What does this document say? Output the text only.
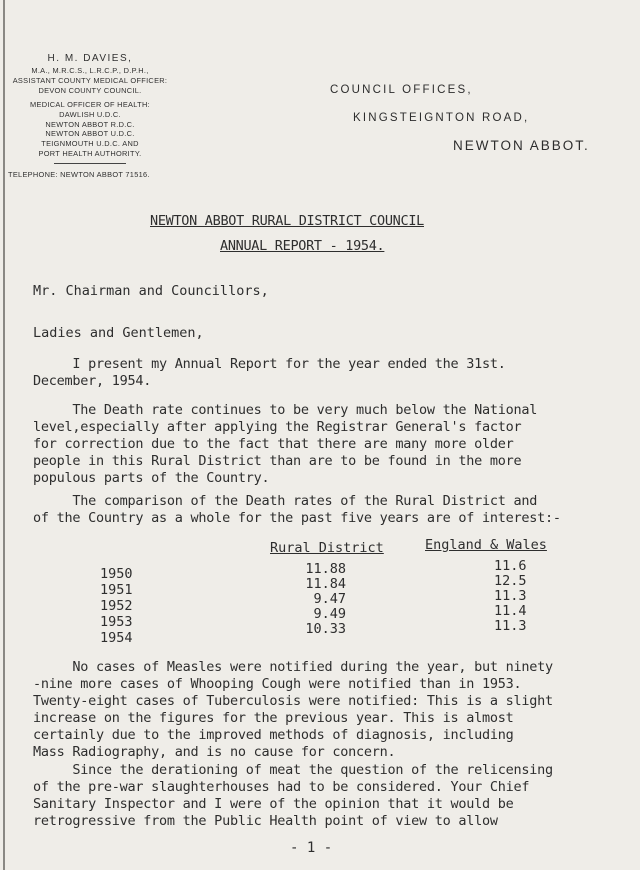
H. M. DAVIES,
M.A., M.R.C.S., L.R.C.P., D.P.H.,
ASSISTANT COUNTY MEDICAL OFFICER:
DEVON COUNTY COUNCIL.
MEDICAL OFFICER OF HEALTH:
DAWLISH U.D.C.
NEWTON ABBOT R.D.C.
NEWTON ABBOT U.D.C.
TEIGNMOUTH U.D.C. AND
PORT HEALTH AUTHORITY.
TELEPHONE: NEWTON ABBOT 71516.
COUNCIL OFFICES,
KINGSTEIGNTON ROAD,
NEWTON ABBOT.
NEWTON ABBOT RURAL DISTRICT COUNCIL
ANNUAL REPORT - 1954.
Mr. Chairman and Councillors,
Ladies and Gentlemen,
I present my Annual Report for the year ended the 31st.
December, 1954.
The Death rate continues to be very much below the National
level,especially after applying the Registrar General's factor
for correction due to the fact that there are many more older
people in this Rural District than are to be found in the more
populous parts of the Country.
The comparison of the Death rates of the Rural District and
of the Country as a whole for the past five years are of interest:-
Rural District	England & Wales
1950
1951
1952
1953
1954
11.88
11.84
9.47
9.49
10.33
11.6
12.5
11.3
11.4
11.3
No cases of Measles were notified during the year, but ninety
-nine more cases of Whooping Cough were notified than in 1953.
Twenty-eight cases of Tuberculosis were notified: This is a slight
increase on the figures for the previous year. This is almost
certainly due to the improved methods of diagnosis, including
Mass Radiography, and is no cause for concern.
Since the derationing of meat the question of the relicensing
of the pre-war slaughterhouses had to be considered. Your Chief
Sanitary Inspector and I were of the opinion that it would be
retrogressive from the Public Health point of view to allow
- 1 -
